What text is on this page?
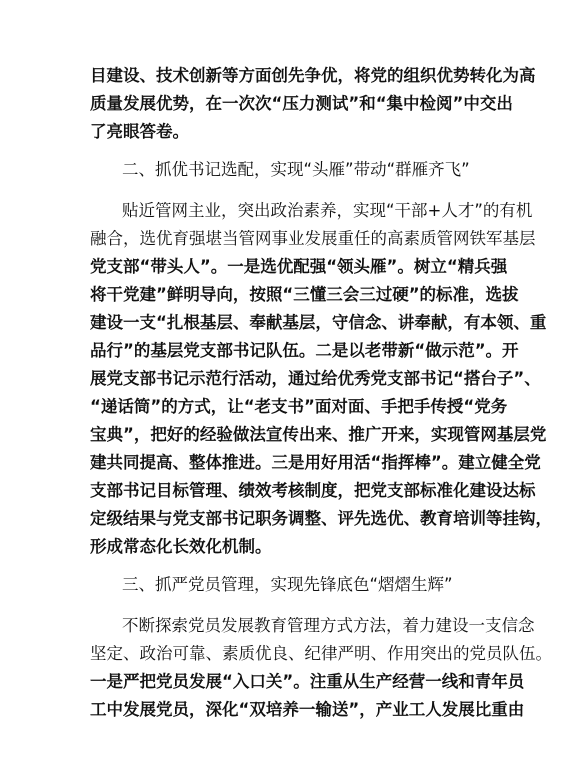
目建设、技术创新等方面创先争优，将党的组织优势转化为高
质量发展优势，在一次次“压力测试”和“集中检阅”中交出
了亮眼答卷。
二、抓优书记选配，实现“头雁”带动“群雁齐飞”
贴近管网主业，突出政治素养，实现“干部+人才”的有机
融合，选优育强堪当管网事业发展重任的高素质管网铁军基层
党支部“带头人”。一是选优配强“领头雁”。树立“精兵强
将干党建”鲜明导向，按照“三懂三会三过硬”的标准，选拔
建设一支“扎根基层、奉献基层，守信念、讲奉献，有本领、重
品行”的基层党支部书记队伍。二是以老带新“做示范”。开
展党支部书记示范行活动，通过给优秀党支部书记“搭台子”、
“递话筒”的方式，让“老支书”面对面、手把手传授“党务
宝典”，把好的经验做法宣传出来、推广开来，实现管网基层党
建共同提高、整体推进。三是用好用活“指挥棒”。建立健全党
支部书记目标管理、绩效考核制度，把党支部标准化建设达标
定级结果与党支部书记职务调整、评先选优、教育培训等挂钩，
形成常态化长效化机制。
三、抓严党员管理，实现先锋底色“熠熠生辉”
不断探索党员发展教育管理方式方法，着力建设一支信念
坚定、政治可靠、素质优良、纪律严明、作用突出的党员队伍。
一是严把党员发展“入口关”。注重从生产经营一线和青年员
工中发展党员，深化“双培养一输送”，产业工人发展比重由
